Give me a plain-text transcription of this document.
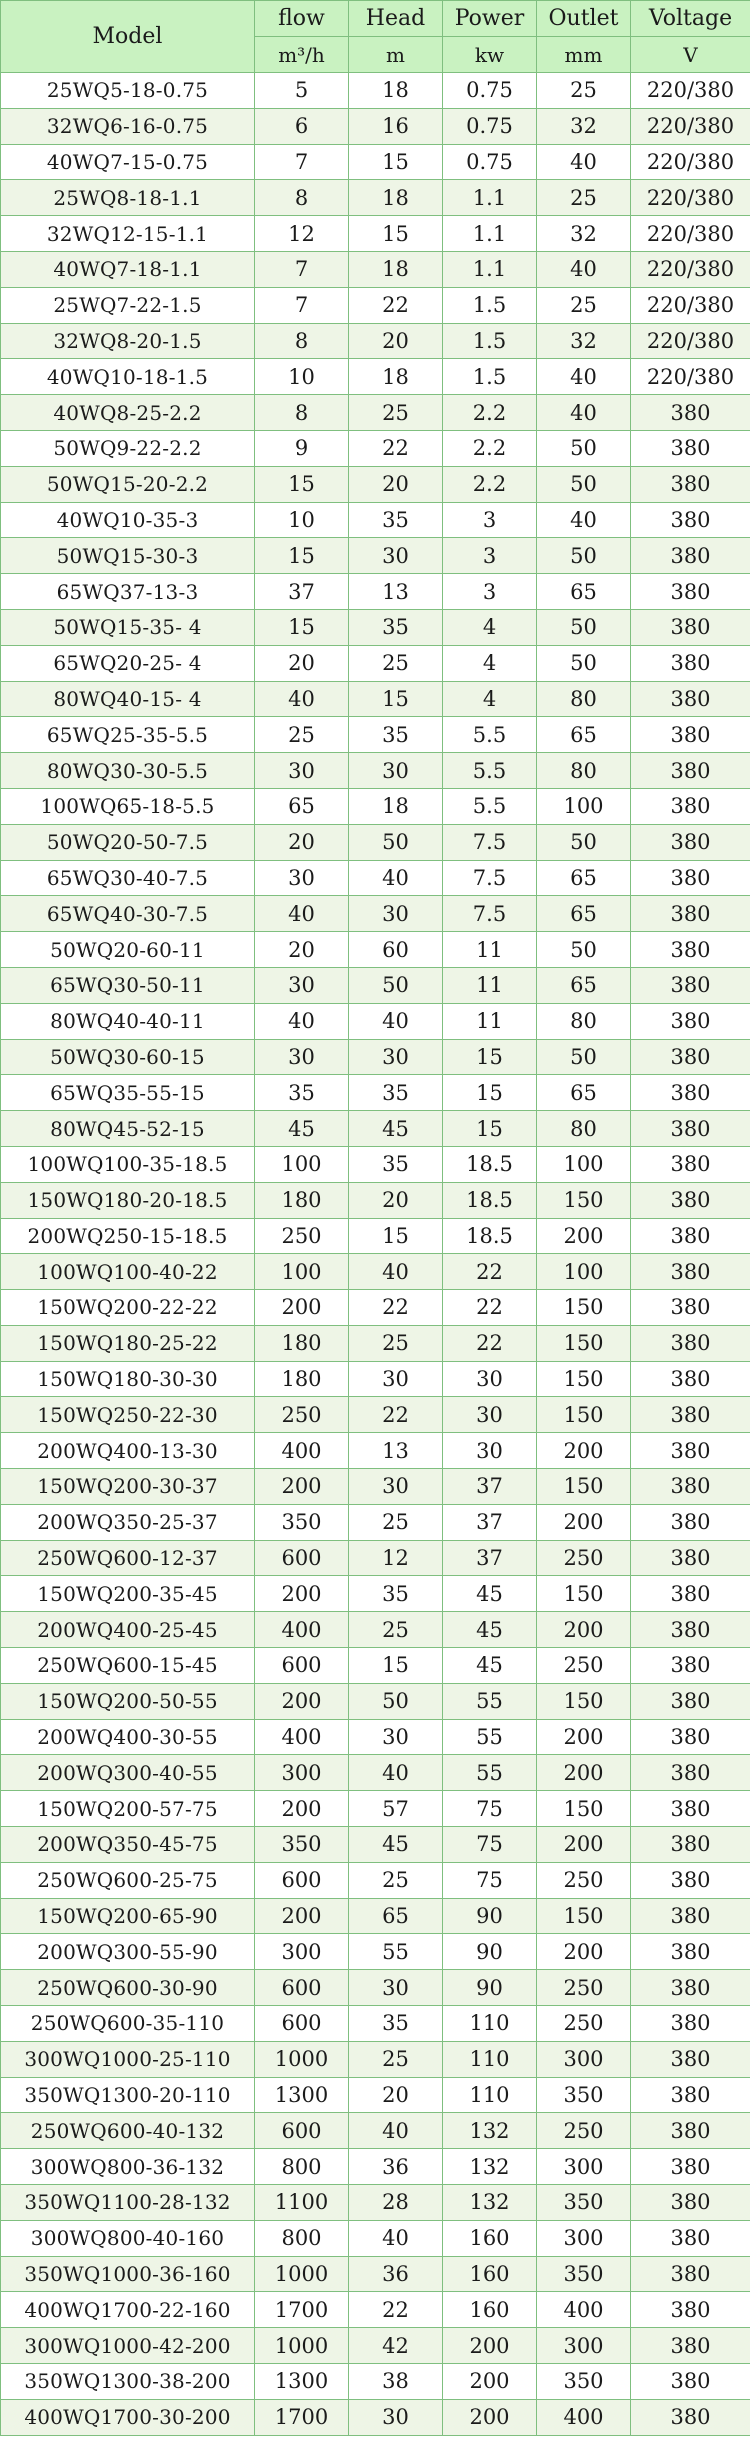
Model	flow	Head	Power	Outlet	Voltage
	m³/h	m	kw	mm	V
25WQ5-18-0.75	5	18	0.75	25	220/380
32WQ6-16-0.75	6	16	0.75	32	220/380
40WQ7-15-0.75	7	15	0.75	40	220/380
25WQ8-18-1.1	8	18	1.1	25	220/380
32WQ12-15-1.1	12	15	1.1	32	220/380
40WQ7-18-1.1	7	18	1.1	40	220/380
25WQ7-22-1.5	7	22	1.5	25	220/380
32WQ8-20-1.5	8	20	1.5	32	220/380
40WQ10-18-1.5	10	18	1.5	40	220/380
40WQ8-25-2.2	8	25	2.2	40	380
50WQ9-22-2.2	9	22	2.2	50	380
50WQ15-20-2.2	15	20	2.2	50	380
40WQ10-35-3	10	35	3	40	380
50WQ15-30-3	15	30	3	50	380
65WQ37-13-3	37	13	3	65	380
50WQ15-35- 4	15	35	4	50	380
65WQ20-25- 4	20	25	4	50	380
80WQ40-15- 4	40	15	4	80	380
65WQ25-35-5.5	25	35	5.5	65	380
80WQ30-30-5.5	30	30	5.5	80	380
100WQ65-18-5.5	65	18	5.5	100	380
50WQ20-50-7.5	20	50	7.5	50	380
65WQ30-40-7.5	30	40	7.5	65	380
65WQ40-30-7.5	40	30	7.5	65	380
50WQ20-60-11	20	60	11	50	380
65WQ30-50-11	30	50	11	65	380
80WQ40-40-11	40	40	11	80	380
50WQ30-60-15	30	30	15	50	380
65WQ35-55-15	35	35	15	65	380
80WQ45-52-15	45	45	15	80	380
100WQ100-35-18.5	100	35	18.5	100	380
150WQ180-20-18.5	180	20	18.5	150	380
200WQ250-15-18.5	250	15	18.5	200	380
100WQ100-40-22	100	40	22	100	380
150WQ200-22-22	200	22	22	150	380
150WQ180-25-22	180	25	22	150	380
150WQ180-30-30	180	30	30	150	380
150WQ250-22-30	250	22	30	150	380
200WQ400-13-30	400	13	30	200	380
150WQ200-30-37	200	30	37	150	380
200WQ350-25-37	350	25	37	200	380
250WQ600-12-37	600	12	37	250	380
150WQ200-35-45	200	35	45	150	380
200WQ400-25-45	400	25	45	200	380
250WQ600-15-45	600	15	45	250	380
150WQ200-50-55	200	50	55	150	380
200WQ400-30-55	400	30	55	200	380
200WQ300-40-55	300	40	55	200	380
150WQ200-57-75	200	57	75	150	380
200WQ350-45-75	350	45	75	200	380
250WQ600-25-75	600	25	75	250	380
150WQ200-65-90	200	65	90	150	380
200WQ300-55-90	300	55	90	200	380
250WQ600-30-90	600	30	90	250	380
250WQ600-35-110	600	35	110	250	380
300WQ1000-25-110	1000	25	110	300	380
350WQ1300-20-110	1300	20	110	350	380
250WQ600-40-132	600	40	132	250	380
300WQ800-36-132	800	36	132	300	380
350WQ1100-28-132	1100	28	132	350	380
300WQ800-40-160	800	40	160	300	380
350WQ1000-36-160	1000	36	160	350	380
400WQ1700-22-160	1700	22	160	400	380
300WQ1000-42-200	1000	42	200	300	380
350WQ1300-38-200	1300	38	200	350	380
400WQ1700-30-200	1700	30	200	400	380
